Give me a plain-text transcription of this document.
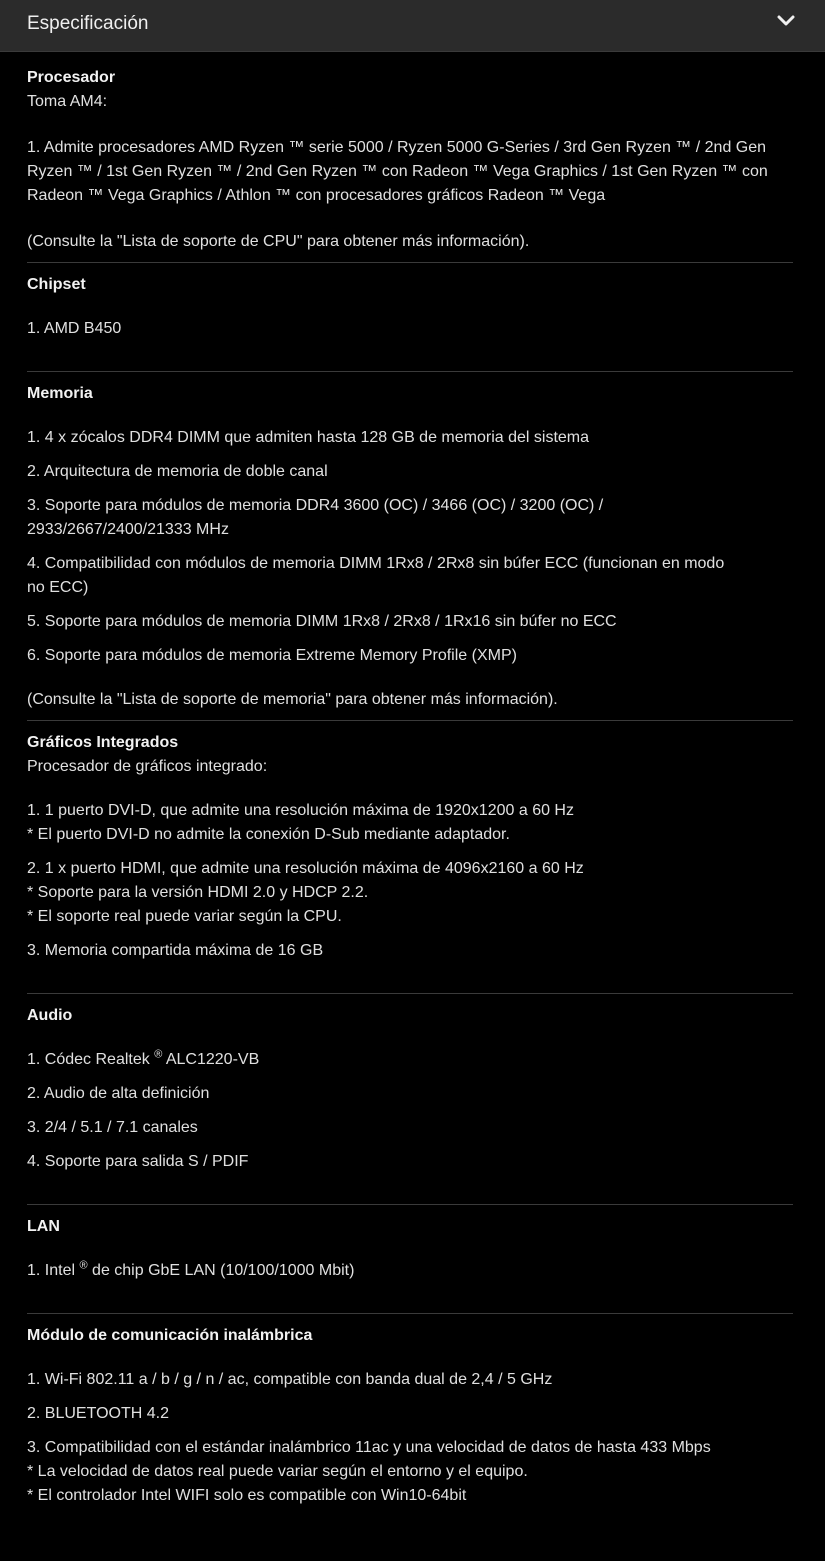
Especificación
Procesador
Toma AM4:
1. Admite procesadores AMD Ryzen ™ serie 5000 / Ryzen 5000 G-Series / 3rd Gen Ryzen ™ / 2nd Gen Ryzen ™ / 1st Gen Ryzen ™ / 2nd Gen Ryzen ™ con Radeon ™ Vega Graphics / 1st Gen Ryzen ™ con Radeon ™ Vega Graphics / Athlon ™ con procesadores gráficos Radeon ™ Vega
(Consulte la "Lista de soporte de CPU" para obtener más información).
Chipset
1. AMD B450
Memoria
1. 4 x zócalos DDR4 DIMM que admiten hasta 128 GB de memoria del sistema
2. Arquitectura de memoria de doble canal
3. Soporte para módulos de memoria DDR4 3600 (OC) / 3466 (OC) / 3200 (OC) /
2933/2667/2400/21333 MHz
4. Compatibilidad con módulos de memoria DIMM 1Rx8 / 2Rx8 sin búfer ECC (funcionan en modo
no ECC)
5. Soporte para módulos de memoria DIMM 1Rx8 / 2Rx8 / 1Rx16 sin búfer no ECC
6. Soporte para módulos de memoria Extreme Memory Profile (XMP)
(Consulte la "Lista de soporte de memoria" para obtener más información).
Gráficos Integrados
Procesador de gráficos integrado:
1. 1 puerto DVI-D, que admite una resolución máxima de 1920x1200 a 60 Hz
* El puerto DVI-D no admite la conexión D-Sub mediante adaptador.
2. 1 x puerto HDMI, que admite una resolución máxima de 4096x2160 a 60 Hz
* Soporte para la versión HDMI 2.0 y HDCP 2.2.
* El soporte real puede variar según la CPU.
3. Memoria compartida máxima de 16 GB
Audio
1. Códec Realtek ® ALC1220-VB
2. Audio de alta definición
3. 2/4 / 5.1 / 7.1 canales
4. Soporte para salida S / PDIF
LAN
1. Intel ® de chip GbE LAN (10/100/1000 Mbit)
Módulo de comunicación inalámbrica
1. Wi-Fi 802.11 a / b / g / n / ac, compatible con banda dual de 2,4 / 5 GHz
2. BLUETOOTH 4.2
3. Compatibilidad con el estándar inalámbrico 11ac y una velocidad de datos de hasta 433 Mbps
* La velocidad de datos real puede variar según el entorno y el equipo.
* El controlador Intel WIFI solo es compatible con Win10-64bit
